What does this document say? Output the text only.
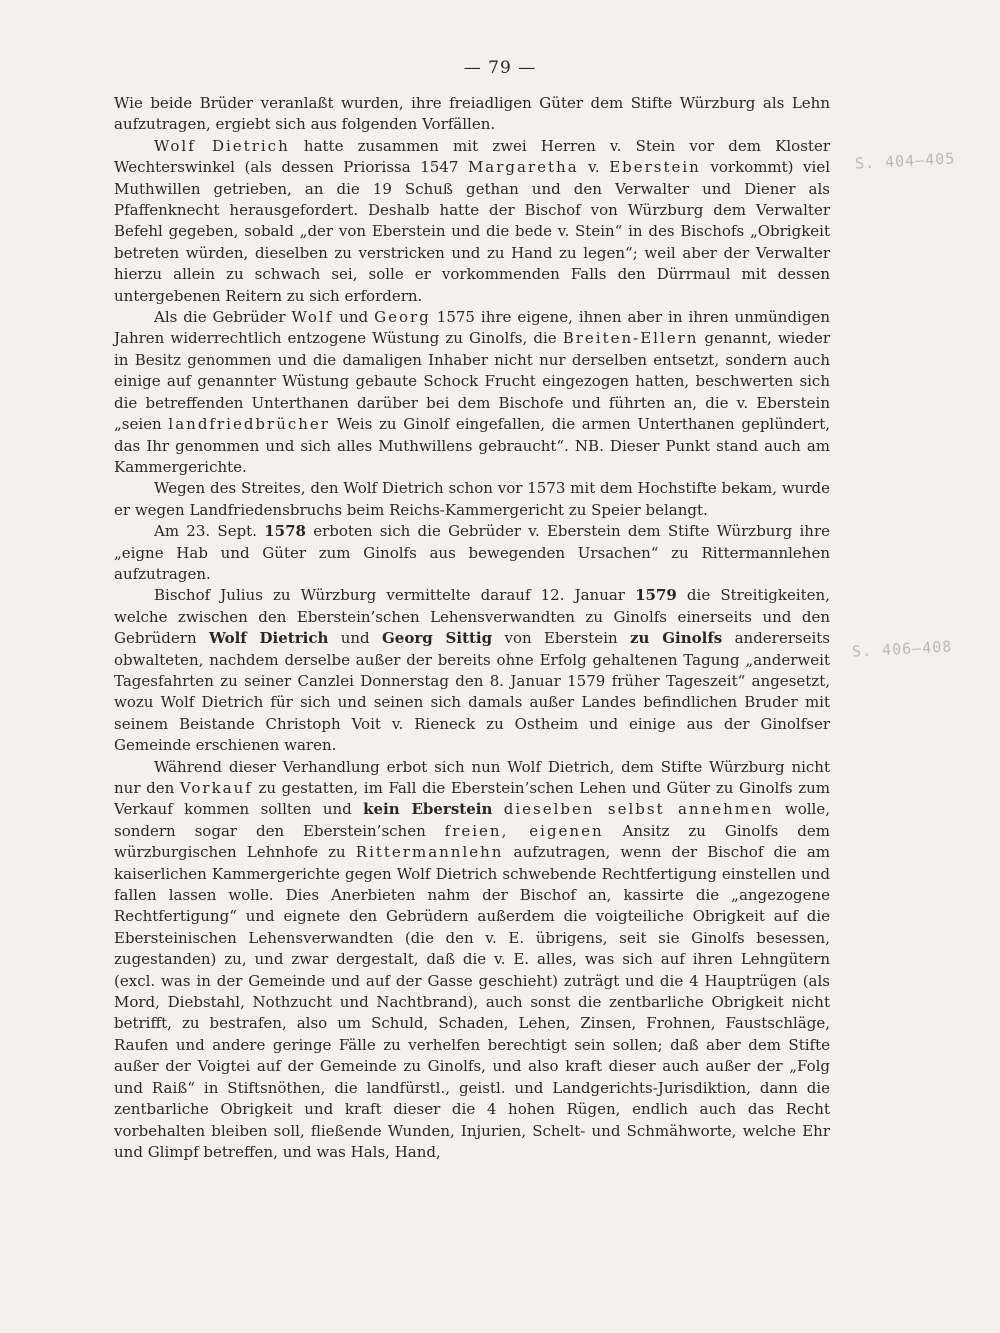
— 79 —
S. 404–405
S. 406–408

Wie beide Brüder veranlaßt wurden, ihre freiadligen Güter dem Stifte Würzburg als Lehn aufzutragen, ergiebt sich aus folgenden Vorfällen.

Wolf Dietrich hatte zusammen mit zwei Herren v. Stein vor dem Kloster Wechterswinkel (als dessen Priorissa 1547 Margaretha v. Eberstein vorkommt) viel Muthwillen getrieben, an die 19 Schuß gethan und den Verwalter und Diener als Pfaffenknecht herausgefordert. Deshalb hatte der Bischof von Würzburg dem Verwalter Befehl gegeben, sobald „der von Eberstein und die bede v. Stein“ in des Bischofs „Obrigkeit betreten würden, dieselben zu verstricken und zu Hand zu legen“; weil aber der Verwalter hierzu allein zu schwach sei, solle er vorkommenden Falls den Dürrmaul mit dessen untergebenen Reitern zu sich erfordern.

Als die Gebrüder Wolf und Georg 1575 ihre eigene, ihnen aber in ihren unmündigen Jahren widerrechtlich entzogene Wüstung zu Ginolfs, die Breiten-Ellern genannt, wieder in Besitz genommen und die damaligen Inhaber nicht nur derselben entsetzt, sondern auch einige auf genannter Wüstung gebaute Schock Frucht eingezogen hatten, beschwerten sich die betreffenden Unterthanen darüber bei dem Bischofe und führten an, die v. Eberstein „seien landfriedbrücher Weis zu Ginolf eingefallen, die armen Unterthanen geplündert, das Ihr genommen und sich alles Muthwillens gebraucht“. NB. Dieser Punkt stand auch am Kammergerichte.

Wegen des Streites, den Wolf Dietrich schon vor 1573 mit dem Hochstifte bekam, wurde er wegen Landfriedensbruchs beim Reichs-Kammergericht zu Speier belangt.

Am 23. Sept. 1578 erboten sich die Gebrüder v. Eberstein dem Stifte Würzburg ihre „eigne Hab und Güter zum Ginolfs aus bewegenden Ursachen“ zu Rittermannlehen aufzutragen.

Bischof Julius zu Würzburg vermittelte darauf 12. Januar 1579 die Streitigkeiten, welche zwischen den Eberstein’schen Lehensverwandten zu Ginolfs einerseits und den Gebrüdern Wolf Dietrich und Georg Sittig von Eberstein zu Ginolfs andererseits obwalteten, nachdem derselbe außer der bereits ohne Erfolg gehaltenen Tagung „anderweit Tagesfahrten zu seiner Canzlei Donnerstag den 8. Januar 1579 früher Tageszeit“ angesetzt, wozu Wolf Dietrich für sich und seinen sich damals außer Landes befindlichen Bruder mit seinem Beistande Christoph Voit v. Rieneck zu Ostheim und einige aus der Ginolfser Gemeinde erschienen waren.

Während dieser Verhandlung erbot sich nun Wolf Dietrich, dem Stifte Würzburg nicht nur den Vorkauf zu gestatten, im Fall die Eberstein’schen Lehen und Güter zu Ginolfs zum Verkauf kommen sollten und kein Eberstein dieselben selbst annehmen wolle, sondern sogar den Eberstein’schen freien, eigenen Ansitz zu Ginolfs dem würzburgischen Lehnhofe zu Rittermannlehn aufzutragen, wenn der Bischof die am kaiserlichen Kammergerichte gegen Wolf Dietrich schwebende Rechtfertigung einstellen und fallen lassen wolle. Dies Anerbieten nahm der Bischof an, kassirte die „angezogene Rechtfertigung“ und eignete den Gebrüdern außerdem die voigteiliche Obrigkeit auf die Ebersteinischen Lehensverwandten (die den v. E. übrigens, seit sie Ginolfs besessen, zugestanden) zu, und zwar dergestalt, daß die v. E. alles, was sich auf ihren Lehngütern (excl. was in der Gemeinde und auf der Gasse geschieht) zuträgt und die 4 Hauptrügen (als Mord, Diebstahl, Nothzucht und Nachtbrand), auch sonst die zentbarliche Obrigkeit nicht betrifft, zu bestrafen, also um Schuld, Schaden, Lehen, Zinsen, Frohnen, Faustschläge, Raufen und andere geringe Fälle zu verhelfen berechtigt sein sollen; daß aber dem Stifte außer der Voigtei auf der Gemeinde zu Ginolfs, und also kraft dieser auch außer der „Folg und Raiß“ in Stiftsnöthen, die landfürstl., geistl. und Landgerichts-Jurisdiktion, dann die zentbarliche Obrigkeit und kraft dieser die 4 hohen Rügen, endlich auch das Recht vorbehalten bleiben soll, fließende Wunden, Injurien, Schelt- und Schmähworte, welche Ehr und Glimpf betreffen, und was Hals, Hand,
